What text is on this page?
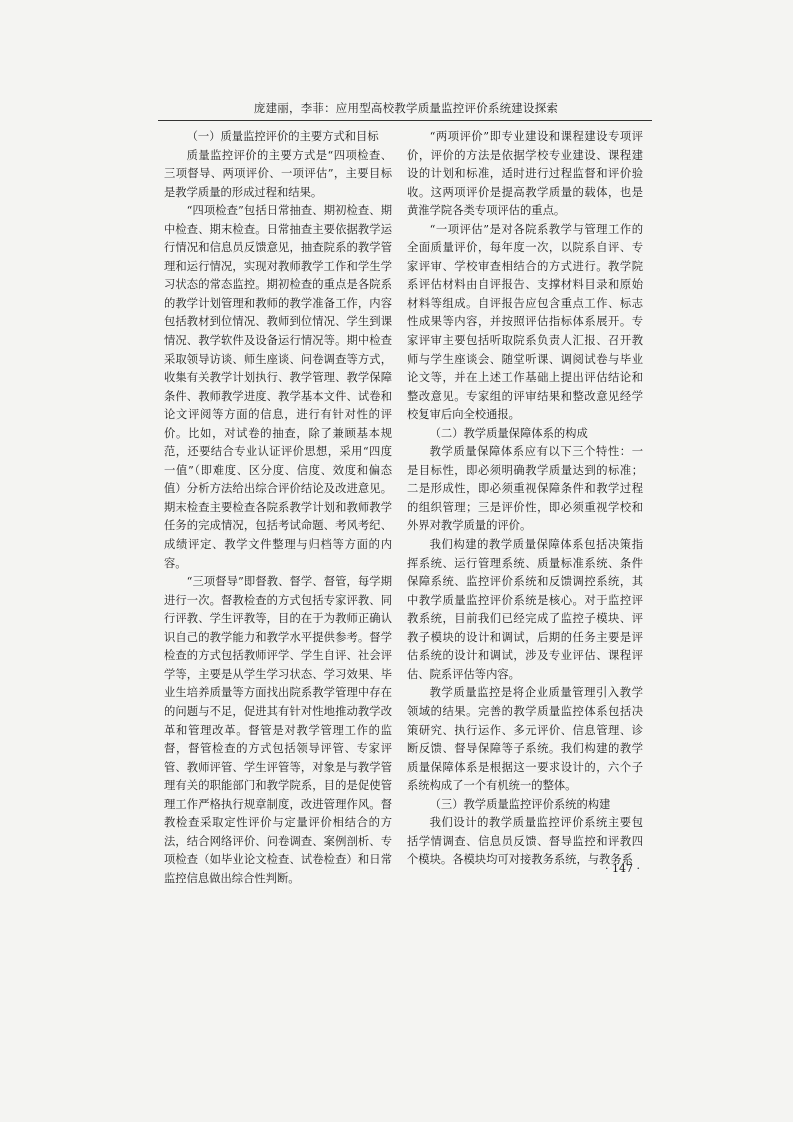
庞建丽，李菲：应用型高校教学质量监控评价系统建设探索
（一）质量监控评价的主要方式和目标

质量监控评价的主要方式是“四项检查、三项督导、两项评价、一项评估”，主要目标是教学质量的形成过程和结果。

“四项检查”包括日常抽查、期初检查、期中检查、期末检查。日常抽查主要依据教学运行情况和信息员反馈意见，抽查院系的教学管理和运行情况，实现对教师教学工作和学生学习状态的常态监控。期初检查的重点是各院系的教学计划管理和教师的教学准备工作，内容包括教材到位情况、教师到位情况、学生到课情况、教学软件及设备运行情况等。期中检查采取领导访谈、师生座谈、问卷调查等方式，收集有关教学计划执行、教学管理、教学保障条件、教师教学进度、教学基本文件、试卷和论文评阅等方面的信息，进行有针对性的评价。比如，对试卷的抽查，除了兼顾基本规范，还要结合专业认证评价思想，采用“四度一值”（即难度、区分度、信度、效度和偏态值）分析方法给出综合评价结论及改进意见。期末检查主要检查各院系教学计划和教师教学任务的完成情况，包括考试命题、考风考纪、成绩评定、教学文件整理与归档等方面的内容。

“三项督导”即督教、督学、督管，每学期进行一次。督教检查的方式包括专家评教、同行评教、学生评教等，目的在于为教师正确认识自己的教学能力和教学水平提供参考。督学检查的方式包括教师评学、学生自评、社会评学等，主要是从学生学习状态、学习效果、毕业生培养质量等方面找出院系教学管理中存在的问题与不足，促进其有针对性地推动教学改革和管理改革。督管是对教学管理工作的监督，督管检查的方式包括领导评管、专家评管、教师评管、学生评管等，对象是与教学管理有关的职能部门和教学院系，目的是促使管理工作严格执行规章制度，改进管理作风。督教检查采取定性评价与定量评价相结合的方法，结合网络评价、问卷调查、案例剖析、专项检查（如毕业论文检查、试卷检查）和日常监控信息做出综合性判断。

“两项评价”即专业建设和课程建设专项评价，评价的方法是依据学校专业建设、课程建设的计划和标准，适时进行过程监督和评价验收。这两项评价是提高教学质量的载体，也是黄淮学院各类专项评估的重点。

“一项评估”是对各院系教学与管理工作的全面质量评价，每年度一次，以院系自评、专家评审、学校审查相结合的方式进行。教学院系评估材料由自评报告、支撑材料目录和原始材料等组成。自评报告应包含重点工作、标志性成果等内容，并按照评估指标体系展开。专家评审主要包括听取院系负责人汇报、召开教师与学生座谈会、随堂听课、调阅试卷与毕业论文等，并在上述工作基础上提出评估结论和整改意见。专家组的评审结果和整改意见经学校复审后向全校通报。

（二）教学质量保障体系的构成

教学质量保障体系应有以下三个特性：一是目标性，即必须明确教学质量达到的标准；二是形成性，即必须重视保障条件和教学过程的组织管理；三是评价性，即必须重视学校和外界对教学质量的评价。

我们构建的教学质量保障体系包括决策指挥系统、运行管理系统、质量标准系统、条件保障系统、监控评价系统和反馈调控系统，其中教学质量监控评价系统是核心。对于监控评教系统，目前我们已经完成了监控子模块、评教子模块的设计和调试，后期的任务主要是评估系统的设计和调试，涉及专业评估、课程评估、院系评估等内容。

教学质量监控是将企业质量管理引入教学领域的结果。完善的教学质量监控体系包括决策研究、执行运作、多元评价、信息管理、诊断反馈、督导保障等子系统。我们构建的教学质量保障体系是根据这一要求设计的，六个子系统构成了一个有机统一的整体。

（三）教学质量监控评价系统的构建

我们设计的教学质量监控评价系统主要包括学情调查、信息员反馈、督导监控和评教四个模块。各模块均可对接教务系统，与教务系

· 147 ·
